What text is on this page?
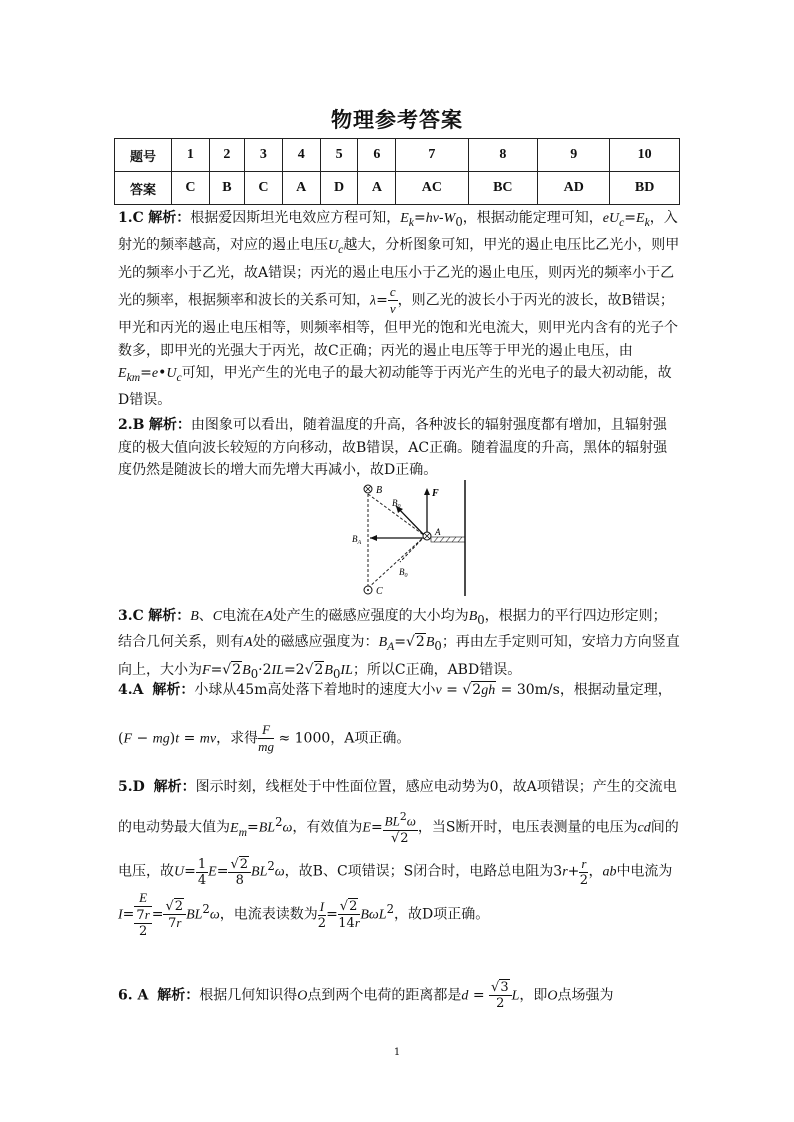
物理参考答案
题号	1	2	3	4	5	6	7	8	9	10
答案	C	B	C	A	D	A	AC	BC	AD	BD

1.C 解析：根据爱因斯坦光电效应方程可知，$E_k=h\nu-W_0$，根据动能定理可知，$eU_c=E_k$，入射光的频率越高，对应的遏止电压$U_c$越大，分析图象可知，甲光的遏止电压比乙光小，则甲光的频率小于乙光，故A错误；丙光的遏止电压小于乙光的遏止电压，则丙光的频率小于乙光的频率，根据频率和波长的关系可知，$\lambda= \frac{c}{\nu}$ ，则乙光的波长小于丙光的波长，故B错误；甲光和丙光的遏止电压相等，则频率相等，但甲光的饱和光电流大，则甲光内含有的光子个数多，即甲光的光强大于丙光，故C正确；丙光的遏止电压等于甲光的遏止电压，由$E_{km}=e•U_c$可知，甲光产生的光电子的最大初动能等于丙光产生的光电子的最大初动能，故D错误。

2.B 解析：由图象可以看出，随着温度的升高，各种波长的辐射强度都有增加，且辐射强度的极大值向波长较短的方向移动，故B错误，AC正确。随着温度的升高，黑体的辐射强度仍然是随波长的增大而先增大再减小，故D正确。

B
C
A
F
$B_A$
$B_0$
$B_0$

3.C 解析：B、C电流在A处产生的磁感应强度的大小均为$B_0$，根据力的平行四边形定则；结合几何关系，则有A处的磁感应强度为：$B_A=√2B_0$；再由左手定则可知，安培力方向竖直向上，大小为$F=√2B_0\cdot 2IL=2√2B_0IL$；所以C正确，ABD错误。

4.A 解析：小球从45m高处落下着地时的速度大小v = √2gh = 30m/s，根据动量定理，

(F − mg)t = mv，求得 $\frac{F}{mg} \approx 1000$，A项正确。

5.D 解析：图示时刻，线框处于中性面位置，感应电动势为0，故A项错误；产生的交流电的电动势最大值为$E_m=BL^2\omega$，有效值为$E= \frac{BL^2\omega}{√2}$ ，当S断开时，电压表测量的电压为cd间的电压，故$U= \frac{1}{4} E= \frac{√2}{8} BL^2\omega$，故B、C项错误；S闭合时，电路总电阻为$3r+ \frac{r}{2}$ ，ab中电流为$I= \frac{E}{\frac{7r}{2}} = \frac{√2}{7r} BL^2\omega$，电流表读数为 $\frac{I}{2} = \frac{√2}{14r} B\omega L^2$，故D项正确。

6. A 解析：根据几何知识得O点到两个电荷的距离都是$d = \frac{√3}{2}$ L，即O点场强为

1
